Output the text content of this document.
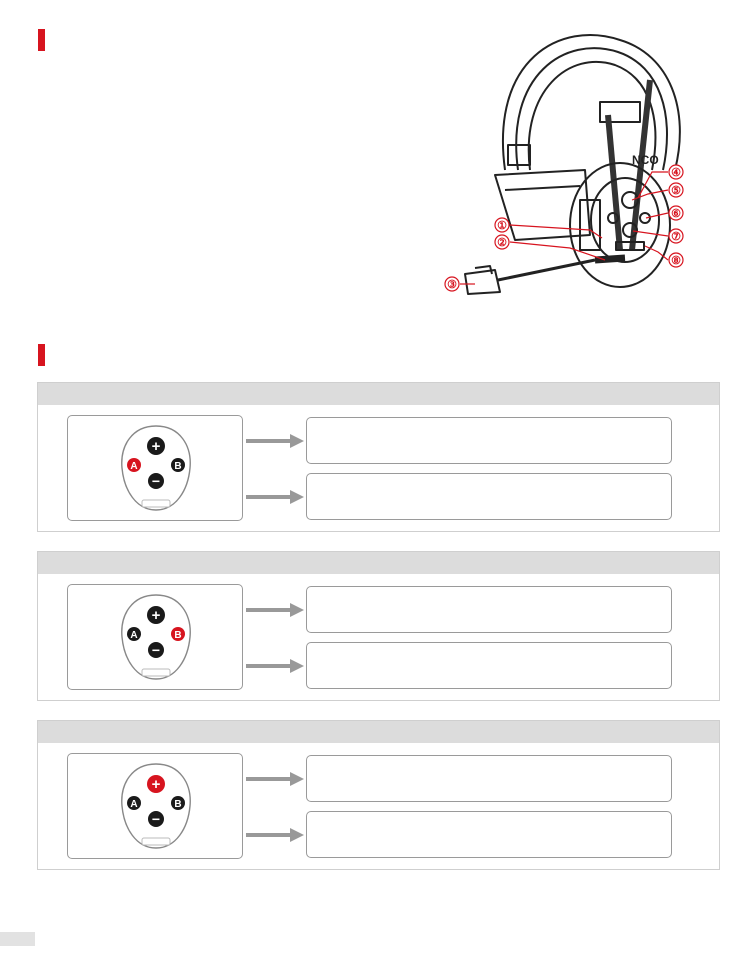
①
②
③
④
⑤
⑥
⑦
⑧
NCO
+
A	B
−
+
A	B
−
+
A	B
−
